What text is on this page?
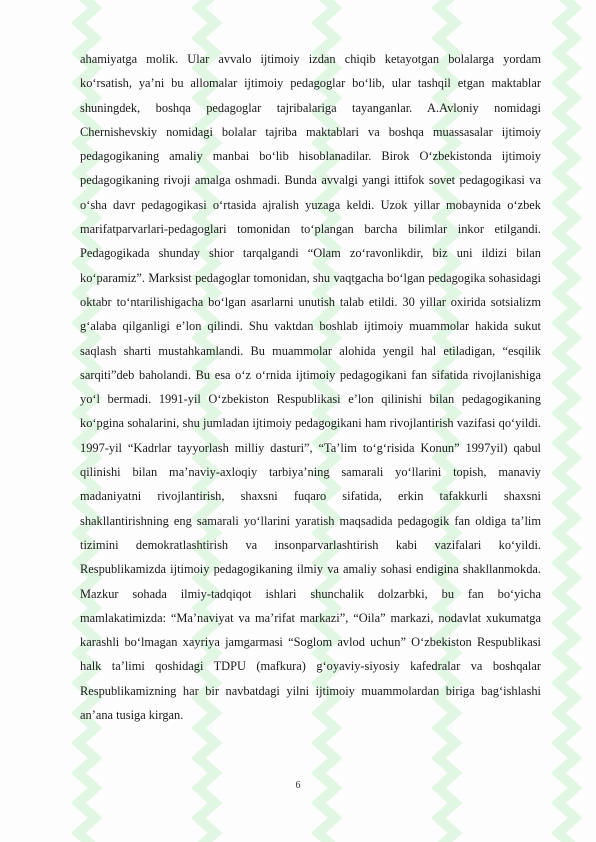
ahamiyatga molik. Ular avvalo ijtimoiy izdan chiqib ketayotgan bolalarga yordam ko‘rsatish, ya’ni bu allomalar ijtimoiy pedagoglar bo‘lib, ular tashqil etgan maktablar shuningdek, boshqa pedagoglar tajribalariga tayanganlar. A.Avloniy nomidagi Chernishevskiy nomidagi bolalar tajriba maktablari va boshqa muassasalar ijtimoiy pedagogikaning amaliy manbai bo‘lib hisoblanadilar. Birok O‘zbekistonda ijtimoiy pedagogikaning rivoji amalga oshmadi. Bunda avvalgi yangi ittifok sovet pedagogikasi va o‘sha davr pedagogikasi o‘rtasida ajralish yuzaga keldi. Uzok yillar mobaynida o‘zbek marifatparvarlari-pedagoglari tomonidan to‘plangan barcha bilimlar inkor etilgandi. Pedagogikada shunday shior tarqalgandi “Olam zo‘ravonlikdir, biz uni ildizi bilan ko‘paramiz”. Marksist pedagoglar tomonidan, shu vaqtgacha bo‘lgan pedagogika sohasidagi oktabr to‘ntarilishigacha bo‘lgan asarlarni unutish talab etildi. 30 yillar oxirida sotsializm g‘alaba qilganligi e’lon qilindi. Shu vaktdan boshlab ijtimoiy muammolar hakida sukut saqlash sharti mustahkamlandi. Bu muammolar alohida yengil hal etiladigan, “esqilik sarqiti”deb baholandi. Bu esa o‘z o‘rnida ijtimoiy pedagogikani fan sifatida rivojlanishiga yo‘l bermadi. 1991-yil O‘zbekiston Respublikasi e’lon qilinishi bilan pedagogikaning ko‘pgina sohalarini, shu jumladan ijtimoiy pedagogikani ham rivojlantirish vazifasi qo‘yildi. 1997-yil “Kadrlar tayyorlash milliy dasturi”, “Ta’lim to‘g‘risida Konun” 1997yil) qabul qilinishi bilan ma’naviy-axloqiy tarbiya’ning samarali yo‘llarini topish, manaviy madaniyatni rivojlantirish, shaxsni fuqaro sifatida, erkin tafakkurli shaxsni shakllantirishning eng samarali yo‘llarini yaratish maqsadida pedagogik fan oldiga ta’lim tizimini demokratlashtirish va insonparvarlashtirish kabi vazifalari ko‘yildi. Respublikamizda ijtimoiy pedagogikaning ilmiy va amaliy sohasi endigina shakllanmokda. Mazkur sohada ilmiy-tadqiqot ishlari shunchalik dolzarbki, bu fan bo‘yicha mamlakatimizda: “Ma’naviyat va ma’rifat markazi”, “Oila” markazi, nodavlat xukumatga karashli bo‘lmagan xayriya jamgarmasi “Soglom avlod uchun” O‘zbekiston Respublikasi halk ta’limi qoshidagi TDPU (mafkura) g‘oyaviy-siyosiy kafedralar va boshqalar Respublikamizning har bir navbatdagi yilni ijtimoiy muammolardan biriga bag‘ishlashi an’ana tusiga kirgan.

6
